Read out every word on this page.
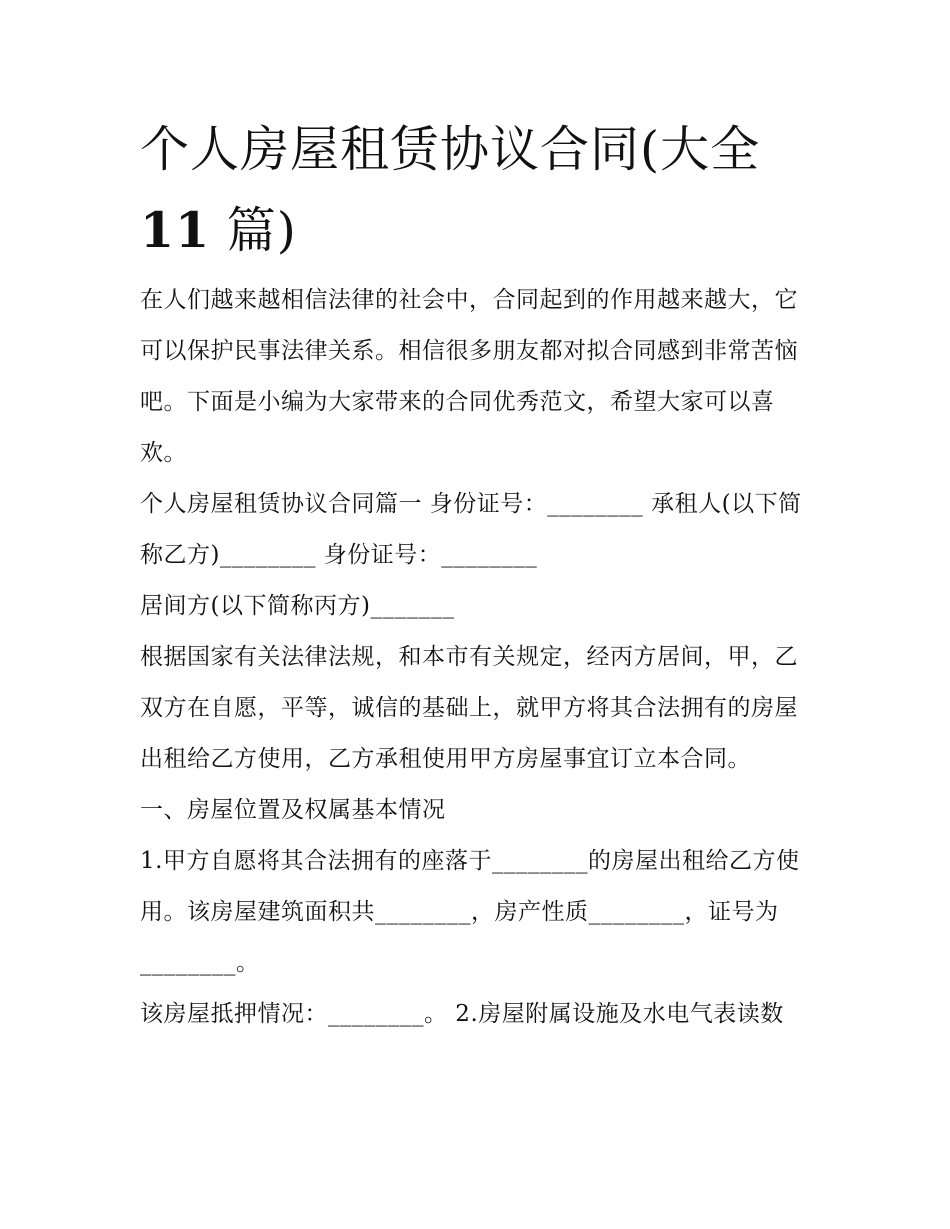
个人房屋租赁协议合同(大全
11 篇)

在人们越来越相信法律的社会中，合同起到的作用越来越大，它可以保护民事法律关系。相信很多朋友都对拟合同感到非常苦恼吧。下面是小编为大家带来的合同优秀范文，希望大家可以喜欢。

个人房屋租赁协议合同篇一 身份证号：________ 承租人(以下简称乙方)________ 身份证号：________

居间方(以下简称丙方)_______

根据国家有关法律法规，和本市有关规定，经丙方居间，甲，乙双方在自愿，平等，诚信的基础上，就甲方将其合法拥有的房屋出租给乙方使用，乙方承租使用甲方房屋事宜订立本合同。

一、房屋位置及权属基本情况

1.甲方自愿将其合法拥有的座落于________的房屋出租给乙方使用。该房屋建筑面积共________，房产性质________，证号为________。

该房屋抵押情况：________。 2.房屋附属设施及水电气表读数
